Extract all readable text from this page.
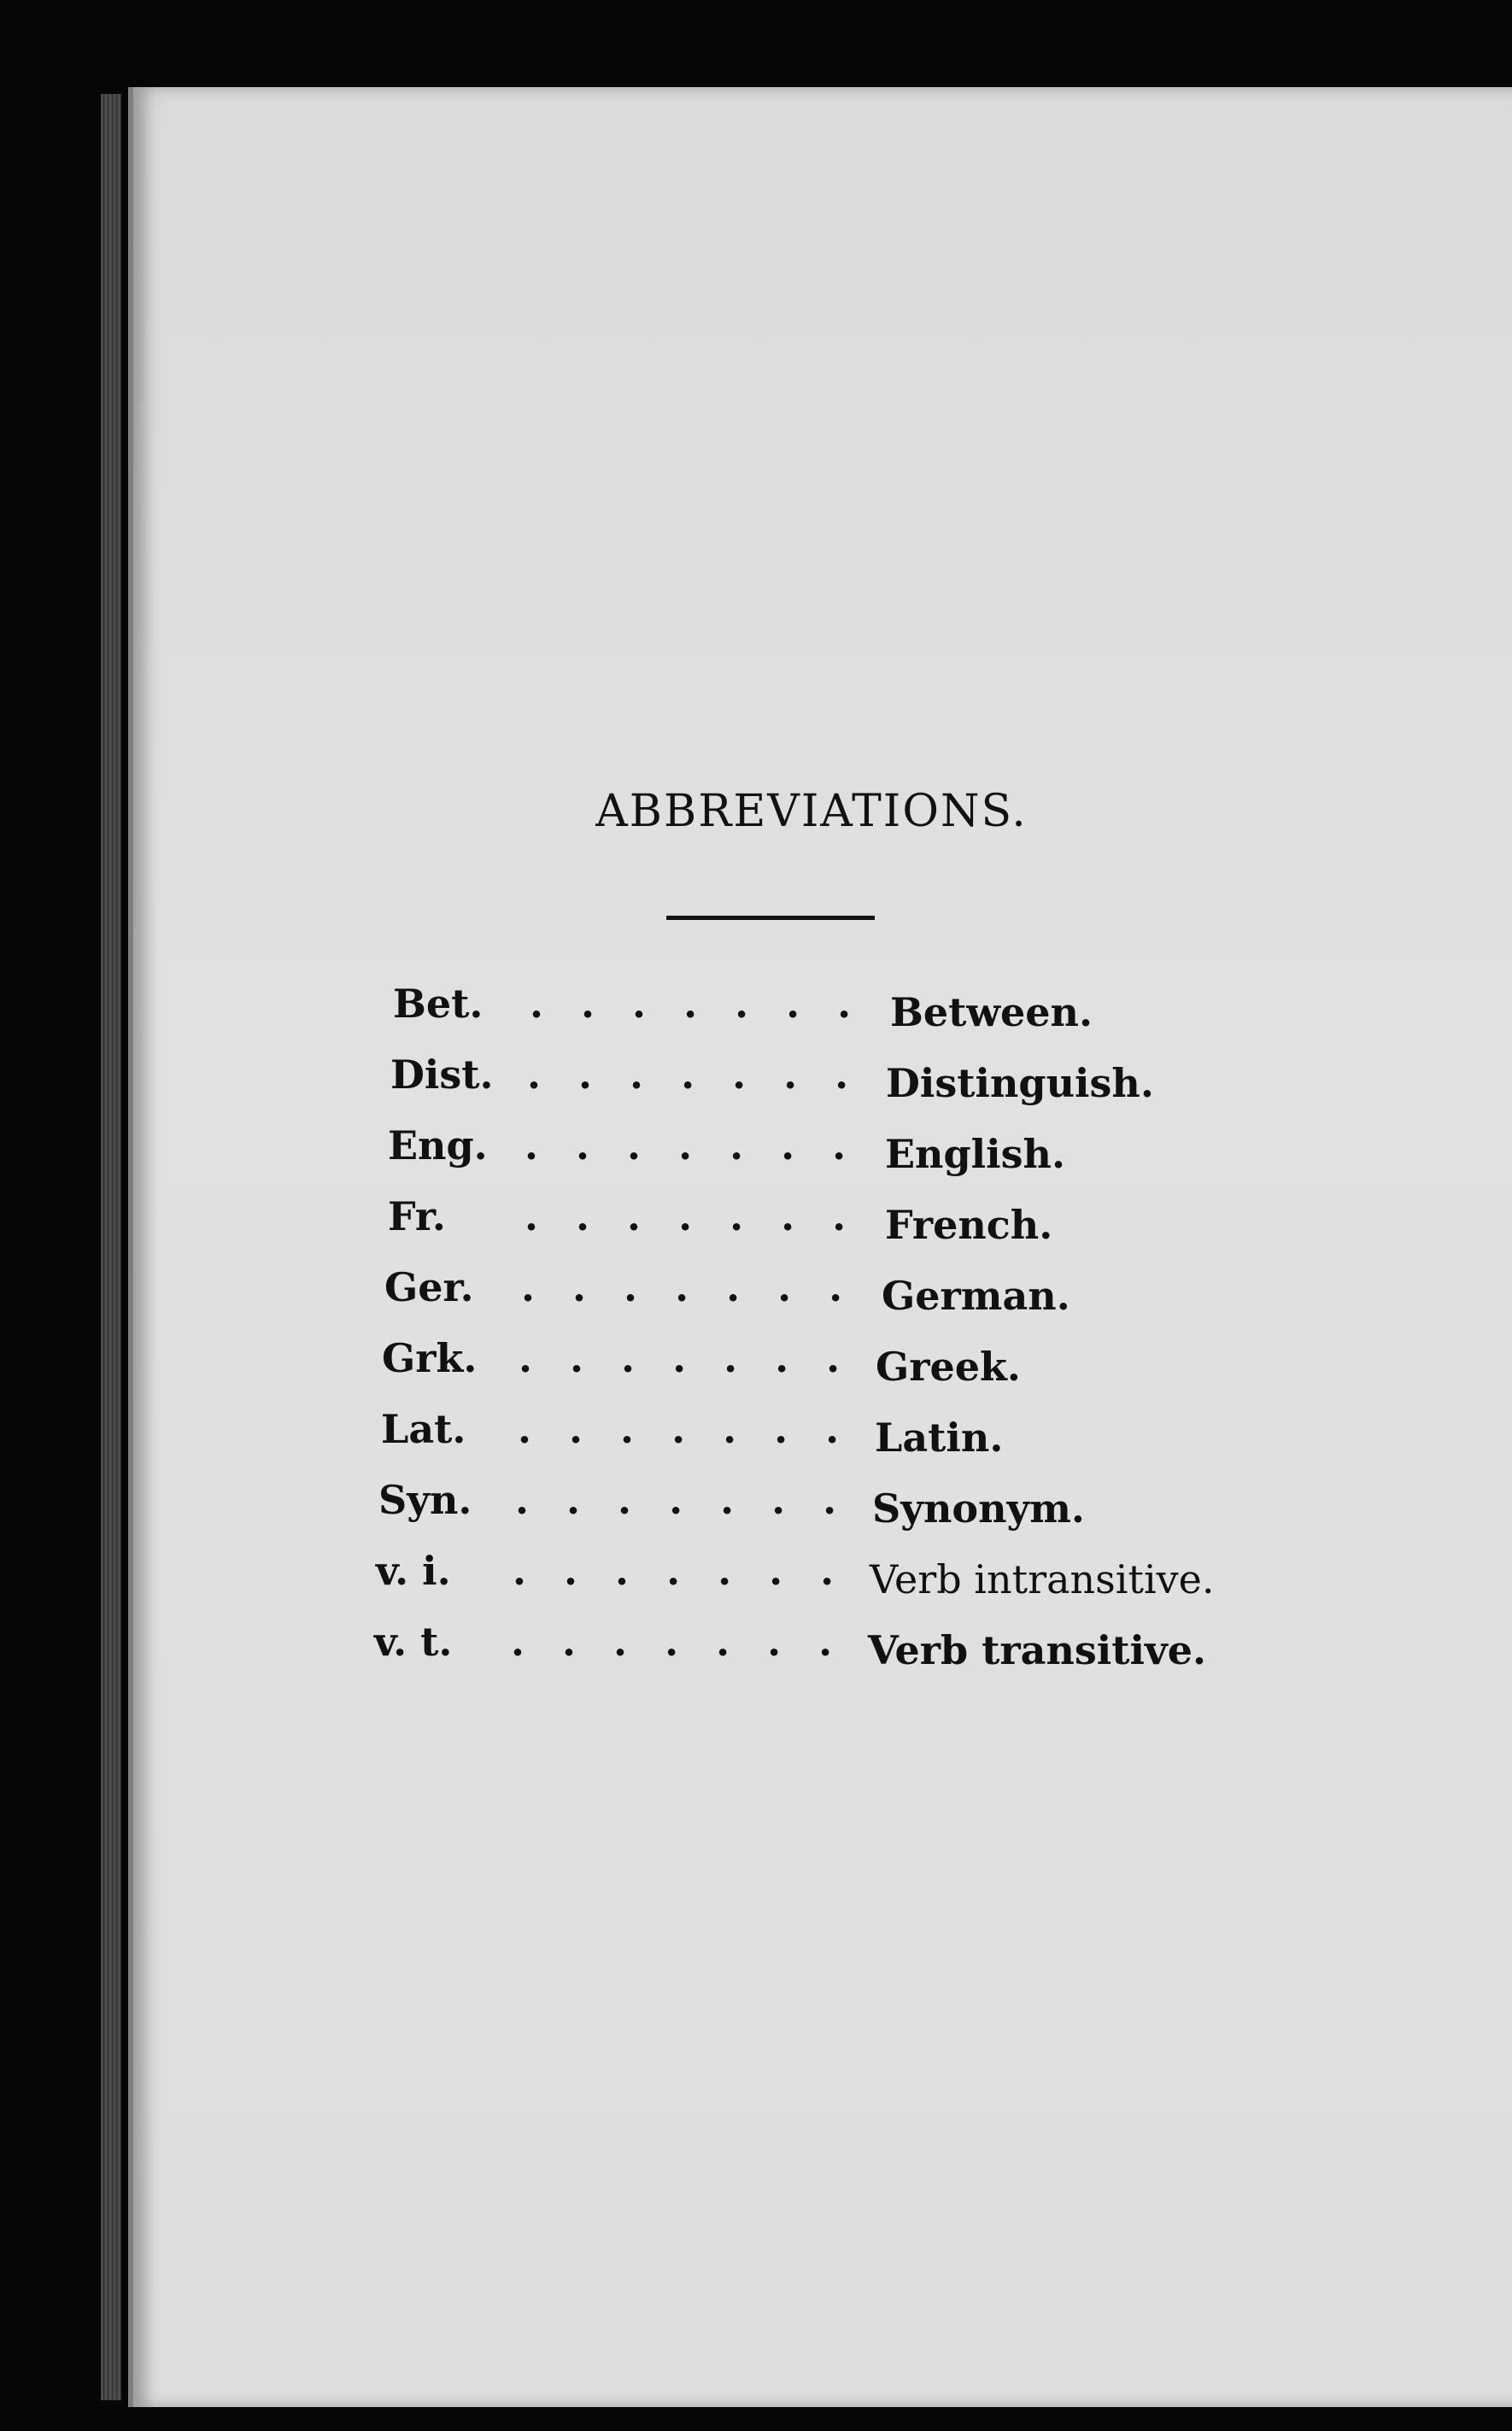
ABBREVIATIONS.
Bet. . . . . . . . Between.
Dist. . . . . . . . Distinguish.
Eng. . . . . . . . English.
Fr. . . . . . . . French.
Ger. . . . . . . . German.
Grk. . . . . . . . Greek.
Lat. . . . . . . . Latin.
Syn. . . . . . . . Synonym.
v. i. . . . . . . . Verb intransitive.
v. t. . . . . . . . Verb transitive.
